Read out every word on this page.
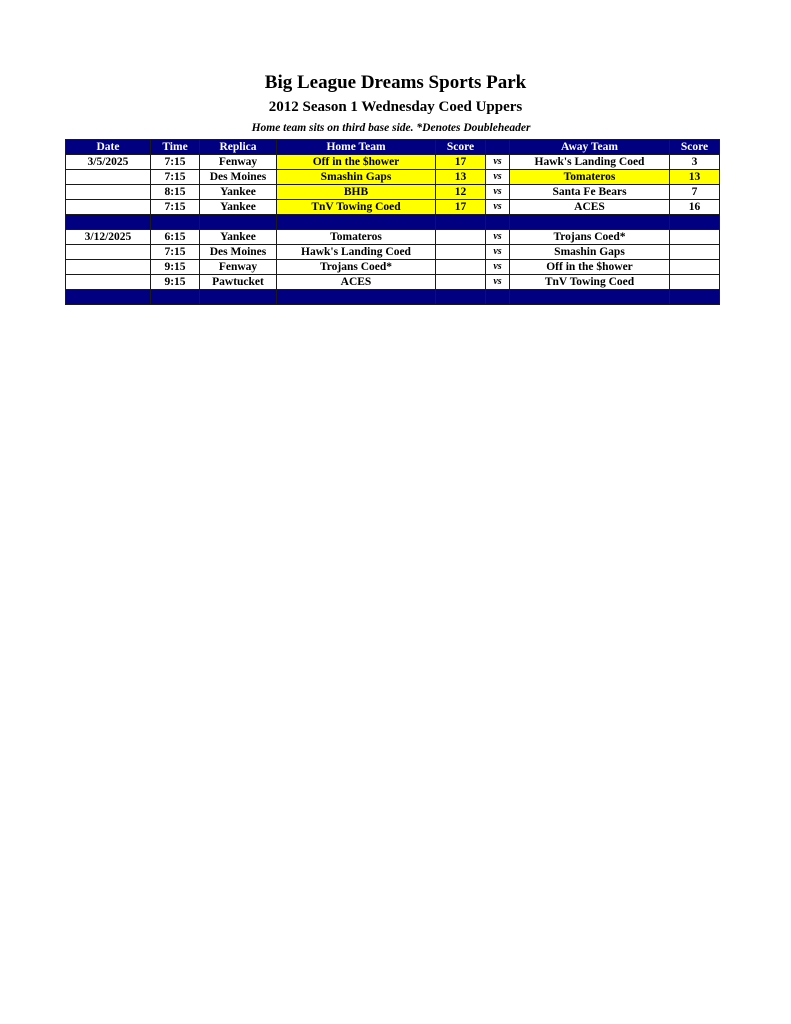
Big League Dreams Sports Park
2012 Season 1 Wednesday Coed Uppers
Home team sits on third base side. *Denotes Doubleheader
Date	Time	Replica	Home Team	Score		Away Team	Score
3/5/2025	7:15	Fenway	Off in the $hower	17	vs	Hawk's Landing Coed	3
	7:15	Des Moines	Smashin Gaps	13	vs	Tomateros	13
	8:15	Yankee	BHB	12	vs	Santa Fe Bears	7
	7:15	Yankee	TnV Towing Coed	17	vs	ACES	16

3/12/2025	6:15	Yankee	Tomateros		vs	Trojans Coed*	
	7:15	Des Moines	Hawk's Landing Coed		vs	Smashin Gaps	
	9:15	Fenway	Trojans Coed*		vs	Off in the $hower	
	9:15	Pawtucket	ACES		vs	TnV Towing Coed	
